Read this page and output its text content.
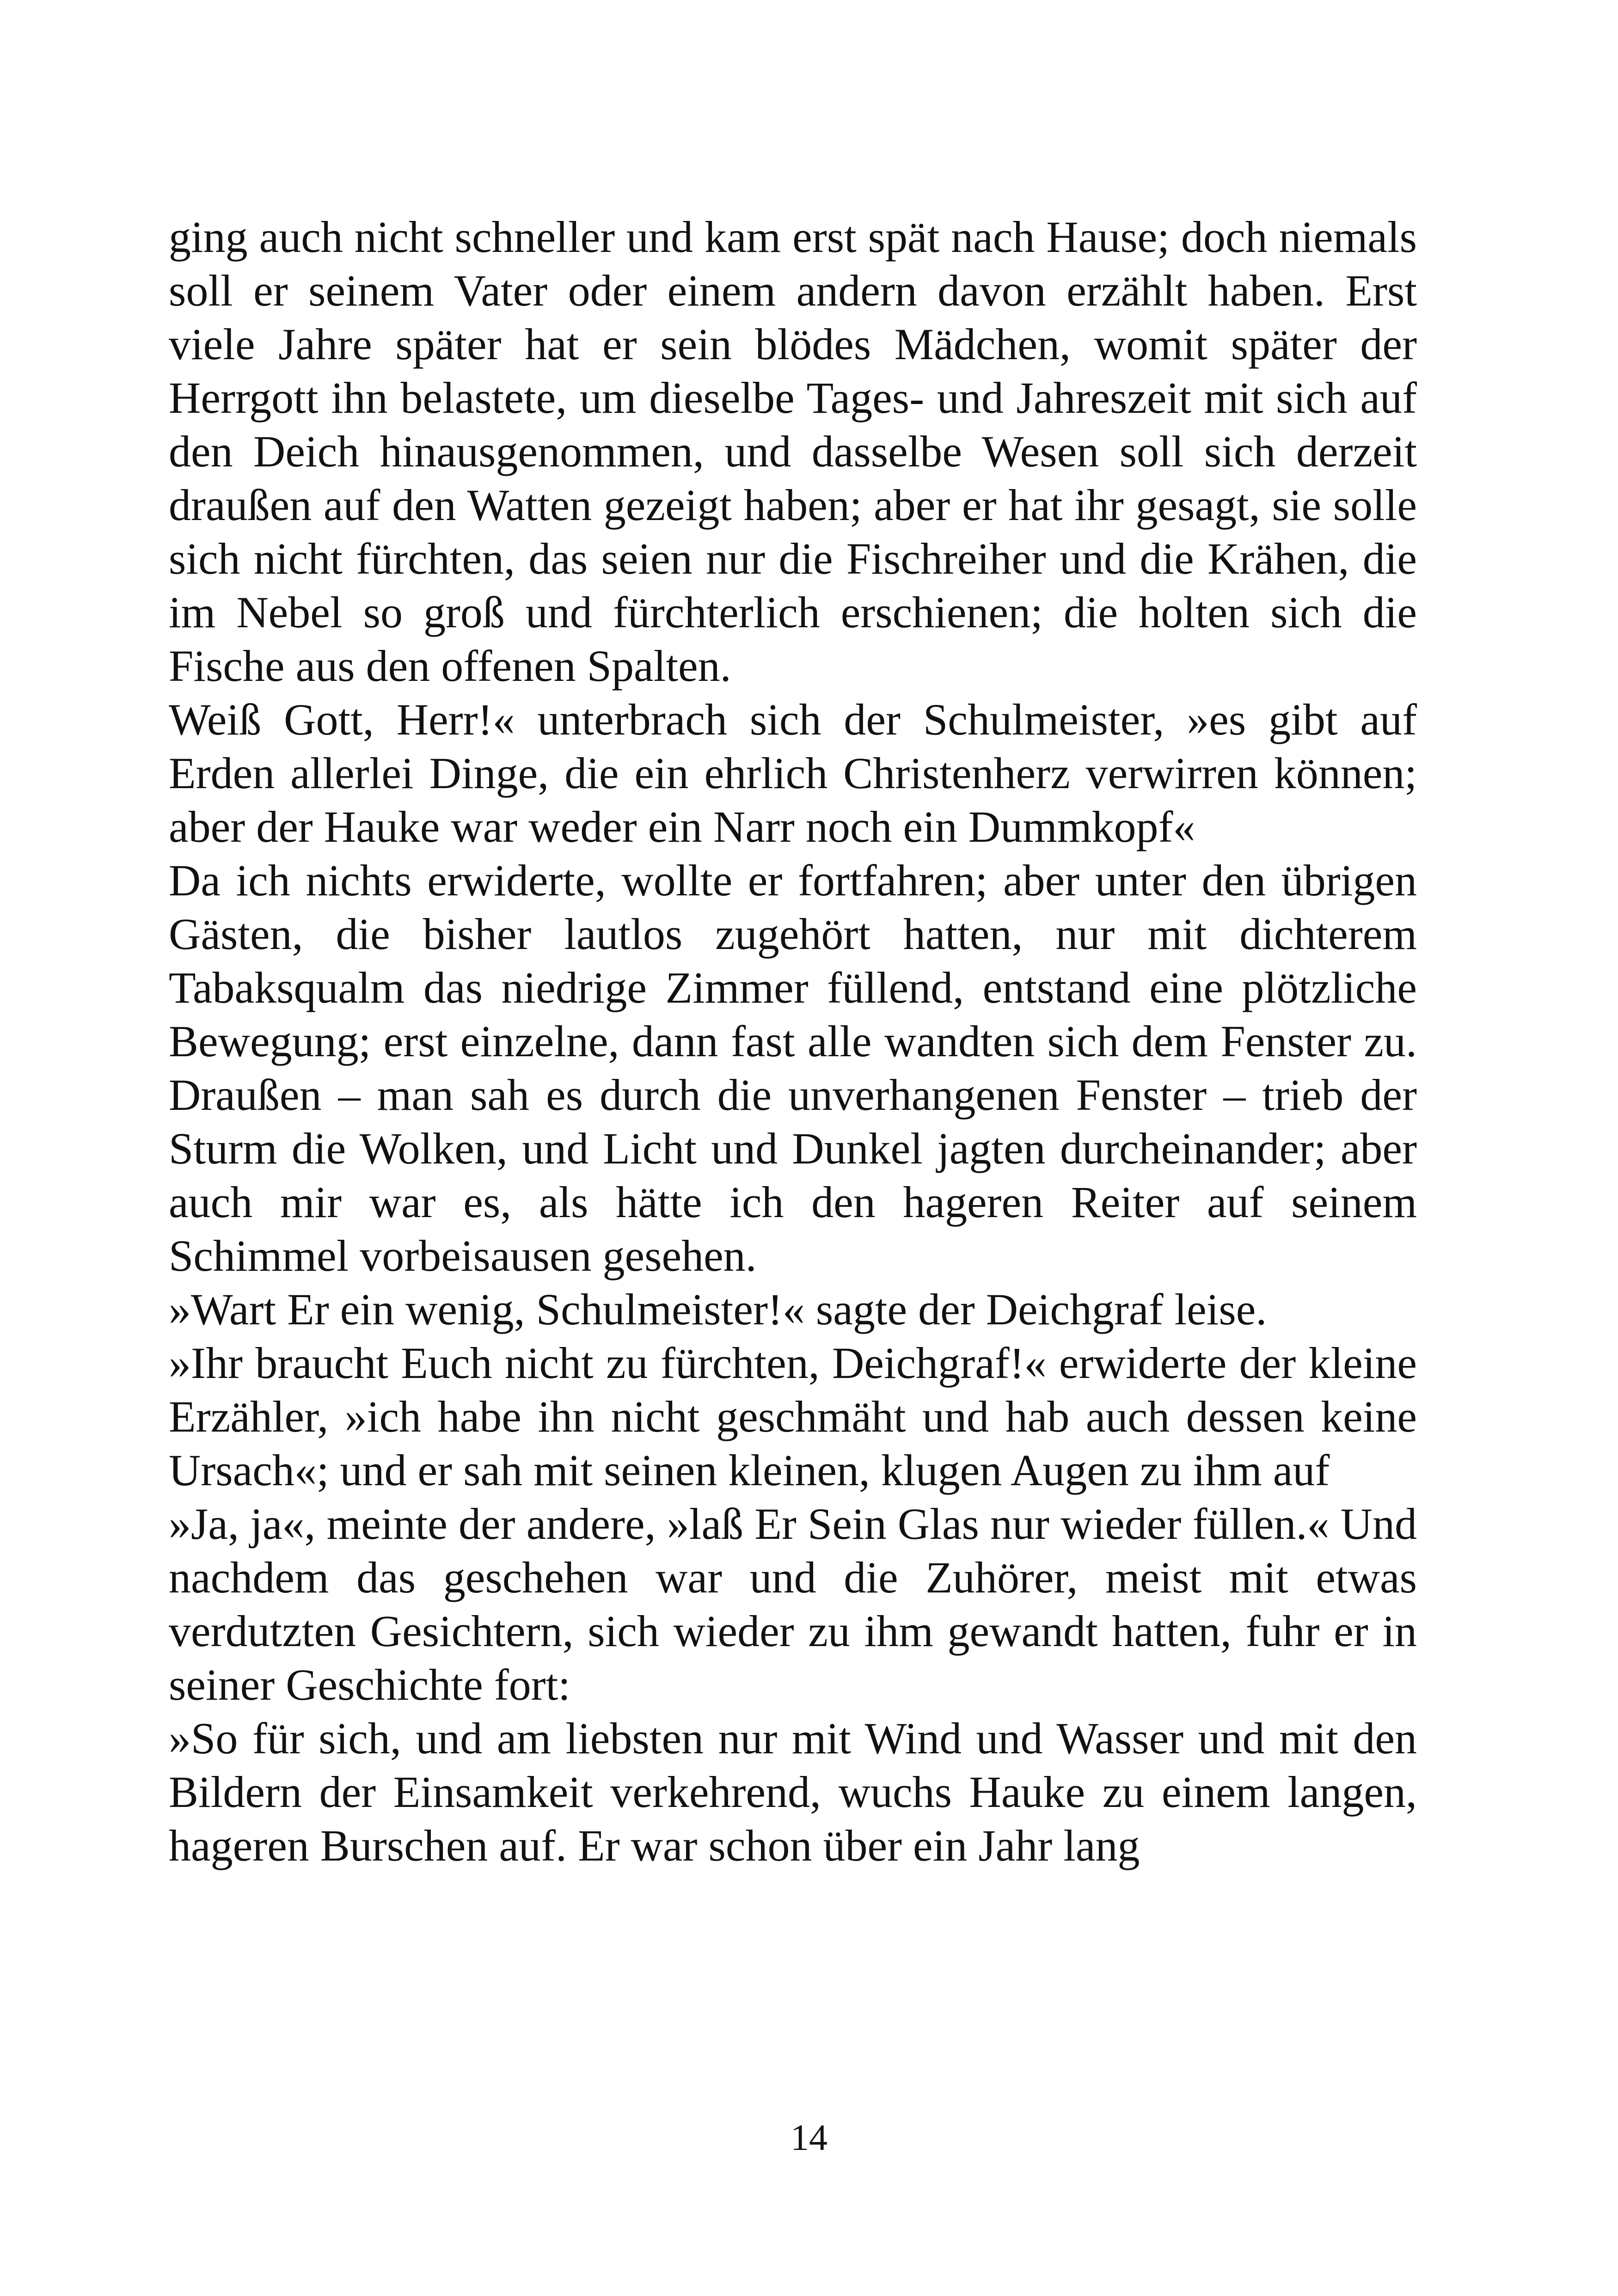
ging auch nicht schneller und kam erst spät nach Hause; doch niemals soll er seinem Vater oder einem andern davon erzählt haben. Erst viele Jahre später hat er sein blödes Mädchen, womit später der Herrgott ihn belastete, um dieselbe Tages- und Jahreszeit mit sich auf den Deich hinausgenommen, und dasselbe Wesen soll sich derzeit draußen auf den Watten gezeigt haben; aber er hat ihr gesagt, sie solle sich nicht fürchten, das seien nur die Fischreiher und die Krähen, die im Nebel so groß und fürchterlich erschienen; die holten sich die Fische aus den offenen Spalten.

Weiß Gott, Herr!« unterbrach sich der Schulmeister, »es gibt auf Erden allerlei Dinge, die ein ehrlich Christenherz verwirren können; aber der Hauke war weder ein Narr noch ein Dummkopf«

Da ich nichts erwiderte, wollte er fortfahren; aber unter den übrigen Gästen, die bisher lautlos zugehört hatten, nur mit dichterem Tabaksqualm das niedrige Zimmer füllend, entstand eine plötzliche Bewegung; erst einzelne, dann fast alle wandten sich dem Fenster zu. Draußen – man sah es durch die unverhangenen Fenster – trieb der Sturm die Wolken, und Licht und Dunkel jagten durcheinander; aber auch mir war es, als hätte ich den hageren Reiter auf seinem Schimmel vorbeisausen gesehen.

»Wart Er ein wenig, Schulmeister!« sagte der Deichgraf leise.

»Ihr braucht Euch nicht zu fürchten, Deichgraf!« erwiderte der kleine Erzähler, »ich habe ihn nicht geschmäht und hab auch dessen keine Ursach«; und er sah mit seinen kleinen, klugen Augen zu ihm auf

»Ja, ja«, meinte der andere, »laß Er Sein Glas nur wieder füllen.« Und nachdem das geschehen war und die Zuhörer, meist mit etwas verdutzten Gesichtern, sich wieder zu ihm gewandt hatten, fuhr er in seiner Geschichte fort:

»So für sich, und am liebsten nur mit Wind und Wasser und mit den Bildern der Einsamkeit verkehrend, wuchs Hauke zu einem langen, hageren Burschen auf. Er war schon über ein Jahr lang

14
